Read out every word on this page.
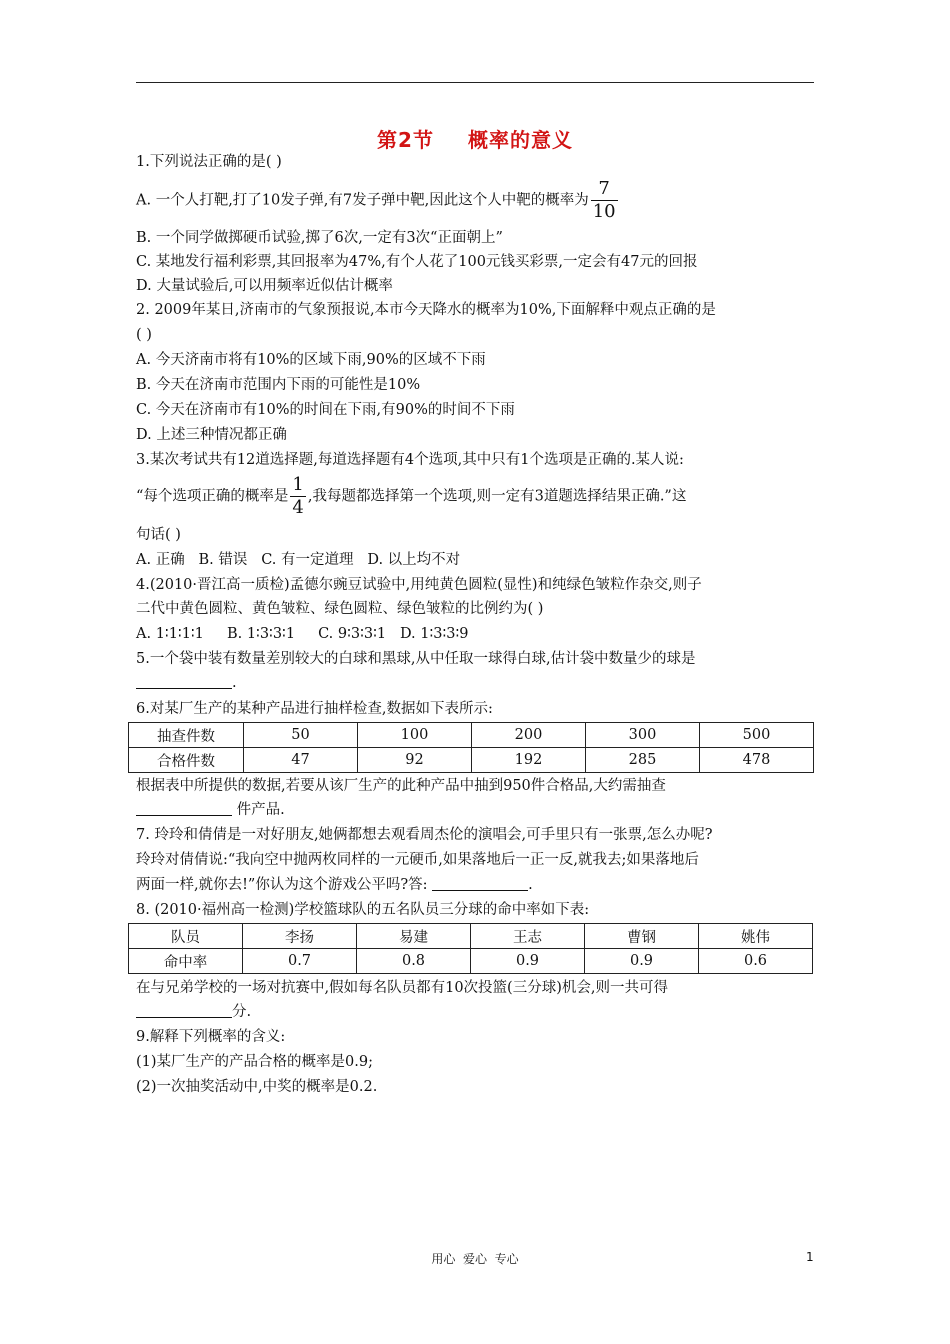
第2节 概率的意义
1.下列说法正确的是( )
A. 一个人打靶,打了10发子弹,有7发子弹中靶,因此这个人中靶的概率为 $\frac{7}{10}$
B. 一个同学做掷硬币试验,掷了6次,一定有3次“正面朝上”
C. 某地发行福利彩票,其回报率为47%,有个人花了100元钱买彩票,一定会有47元的回报
D. 大量试验后,可以用频率近似估计概率
2. 2009年某日,济南市的气象预报说,本市今天降水的概率为10%,下面解释中观点正确的是
( )
A. 今天济南市将有10%的区域下雨,90%的区域不下雨
B. 今天在济南市范围内下雨的可能性是10%
C. 今天在济南市有10%的时间在下雨,有90%的时间不下雨
D. 上述三种情况都正确
3.某次考试共有12道选择题,每道选择题有4个选项,其中只有1个选项是正确的.某人说:
“每个选项正确的概率是 $\frac{1}{4}$ ,我每题都选择第一个选项,则一定有3道题选择结果正确.”这
句话( )
A. 正确   B. 错误   C. 有一定道理   D. 以上均不对
4.(2010·晋江高一质检)孟德尔豌豆试验中,用纯黄色圆粒(显性)和纯绿色皱粒作杂交,则子
二代中黄色圆粒、黄色皱粒、绿色圆粒、绿色皱粒的比例约为( )
A. 1∶1∶1∶1     B. 1∶3∶3∶1     C. 9∶3∶3∶1   D. 1∶3∶3∶9
5.一个袋中装有数量差别较大的白球和黑球,从中任取一球得白球,估计袋中数量少的球是
.
6.对某厂生产的某种产品进行抽样检查,数据如下表所示:
抽查件数	50	100	200	300	500
合格件数	47	92	192	285	478
根据表中所提供的数据,若要从该厂生产的此种产品中抽到950件合格品,大约需抽查
件产品.
7. 玲玲和倩倩是一对好朋友,她俩都想去观看周杰伦的演唱会,可手里只有一张票,怎么办呢?
玲玲对倩倩说:“我向空中抛两枚同样的一元硬币,如果落地后一正一反,就我去;如果落地后
两面一样,就你去!”你认为这个游戏公平吗?答:	.
8. (2010·福州高一检测)学校篮球队的五名队员三分球的命中率如下表:
队员	李扬	易建	王志	曹钢	姚伟
命中率	0.7	0.8	0.9	0.9	0.6
在与兄弟学校的一场对抗赛中,假如每名队员都有10次投篮(三分球)机会,则一共可得
分.
9.解释下列概率的含义:
(1)某厂生产的产品合格的概率是0.9;
(2)一次抽奖活动中,中奖的概率是0.2.
用心  爱心  专心	1
